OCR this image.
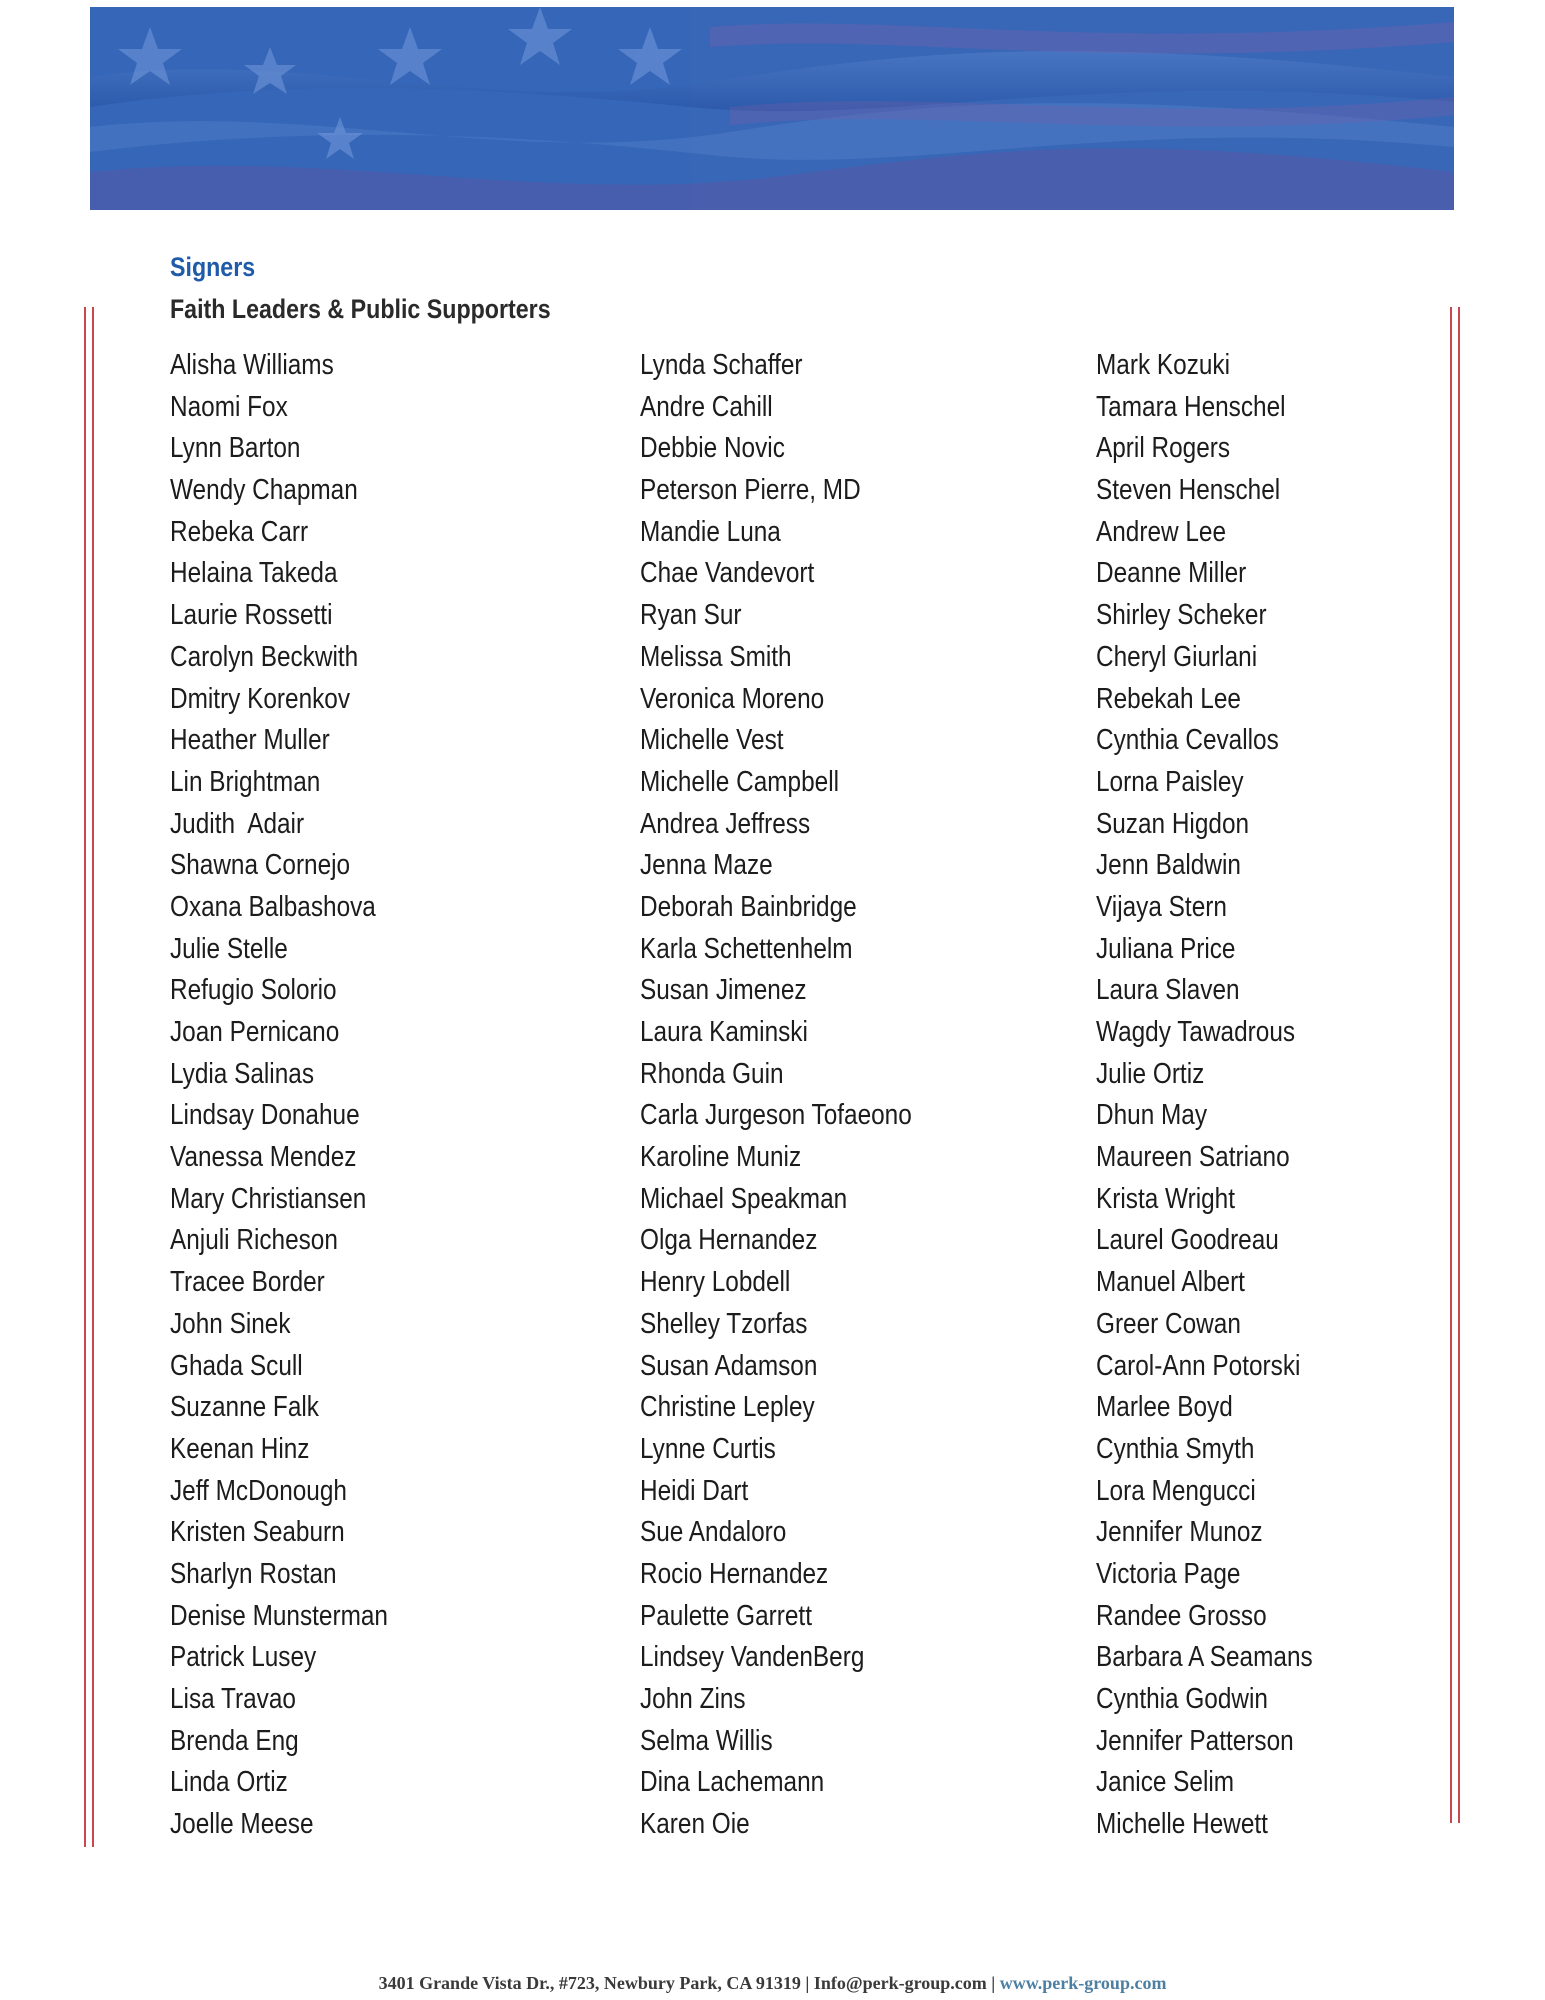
Signers
Faith Leaders & Public Supporters
Alisha Williams
Naomi Fox
Lynn Barton
Wendy Chapman
Rebeka Carr
Helaina Takeda
Laurie Rossetti
Carolyn Beckwith
Dmitry Korenkov
Heather Muller
Lin Brightman
Judith  Adair
Shawna Cornejo
Oxana Balbashova
Julie Stelle
Refugio Solorio
Joan Pernicano
Lydia Salinas
Lindsay Donahue
Vanessa Mendez
Mary Christiansen
Anjuli Richeson
Tracee Border
John Sinek
Ghada Scull
Suzanne Falk
Keenan Hinz
Jeff McDonough
Kristen Seaburn
Sharlyn Rostan
Denise Munsterman
Patrick Lusey
Lisa Travao
Brenda Eng
Linda Ortiz
Joelle Meese
Lynda Schaffer
Andre Cahill
Debbie Novic
Peterson Pierre, MD
Mandie Luna
Chae Vandevort
Ryan Sur
Melissa Smith
Veronica Moreno
Michelle Vest
Michelle Campbell
Andrea Jeffress
Jenna Maze
Deborah Bainbridge
Karla Schettenhelm
Susan Jimenez
Laura Kaminski
Rhonda Guin
Carla Jurgeson Tofaeono
Karoline Muniz
Michael Speakman
Olga Hernandez
Henry Lobdell
Shelley Tzorfas
Susan Adamson
Christine Lepley
Lynne Curtis
Heidi Dart
Sue Andaloro
Rocio Hernandez
Paulette Garrett
Lindsey VandenBerg
John Zins
Selma Willis
Dina Lachemann
Karen Oie
Mark Kozuki
Tamara Henschel
April Rogers
Steven Henschel
Andrew Lee
Deanne Miller
Shirley Scheker
Cheryl Giurlani
Rebekah Lee
Cynthia Cevallos
Lorna Paisley
Suzan Higdon
Jenn Baldwin
Vijaya Stern
Juliana Price
Laura Slaven
Wagdy Tawadrous
Julie Ortiz
Dhun May
Maureen Satriano
Krista Wright
Laurel Goodreau
Manuel Albert
Greer Cowan
Carol-Ann Potorski
Marlee Boyd
Cynthia Smyth
Lora Mengucci
Jennifer Munoz
Victoria Page
Randee Grosso
Barbara A Seamans
Cynthia Godwin
Jennifer Patterson
Janice Selim
Michelle Hewett
3401 Grande Vista Dr., #723, Newbury Park, CA 91319 | Info@perk-group.com | www.perk-group.com
